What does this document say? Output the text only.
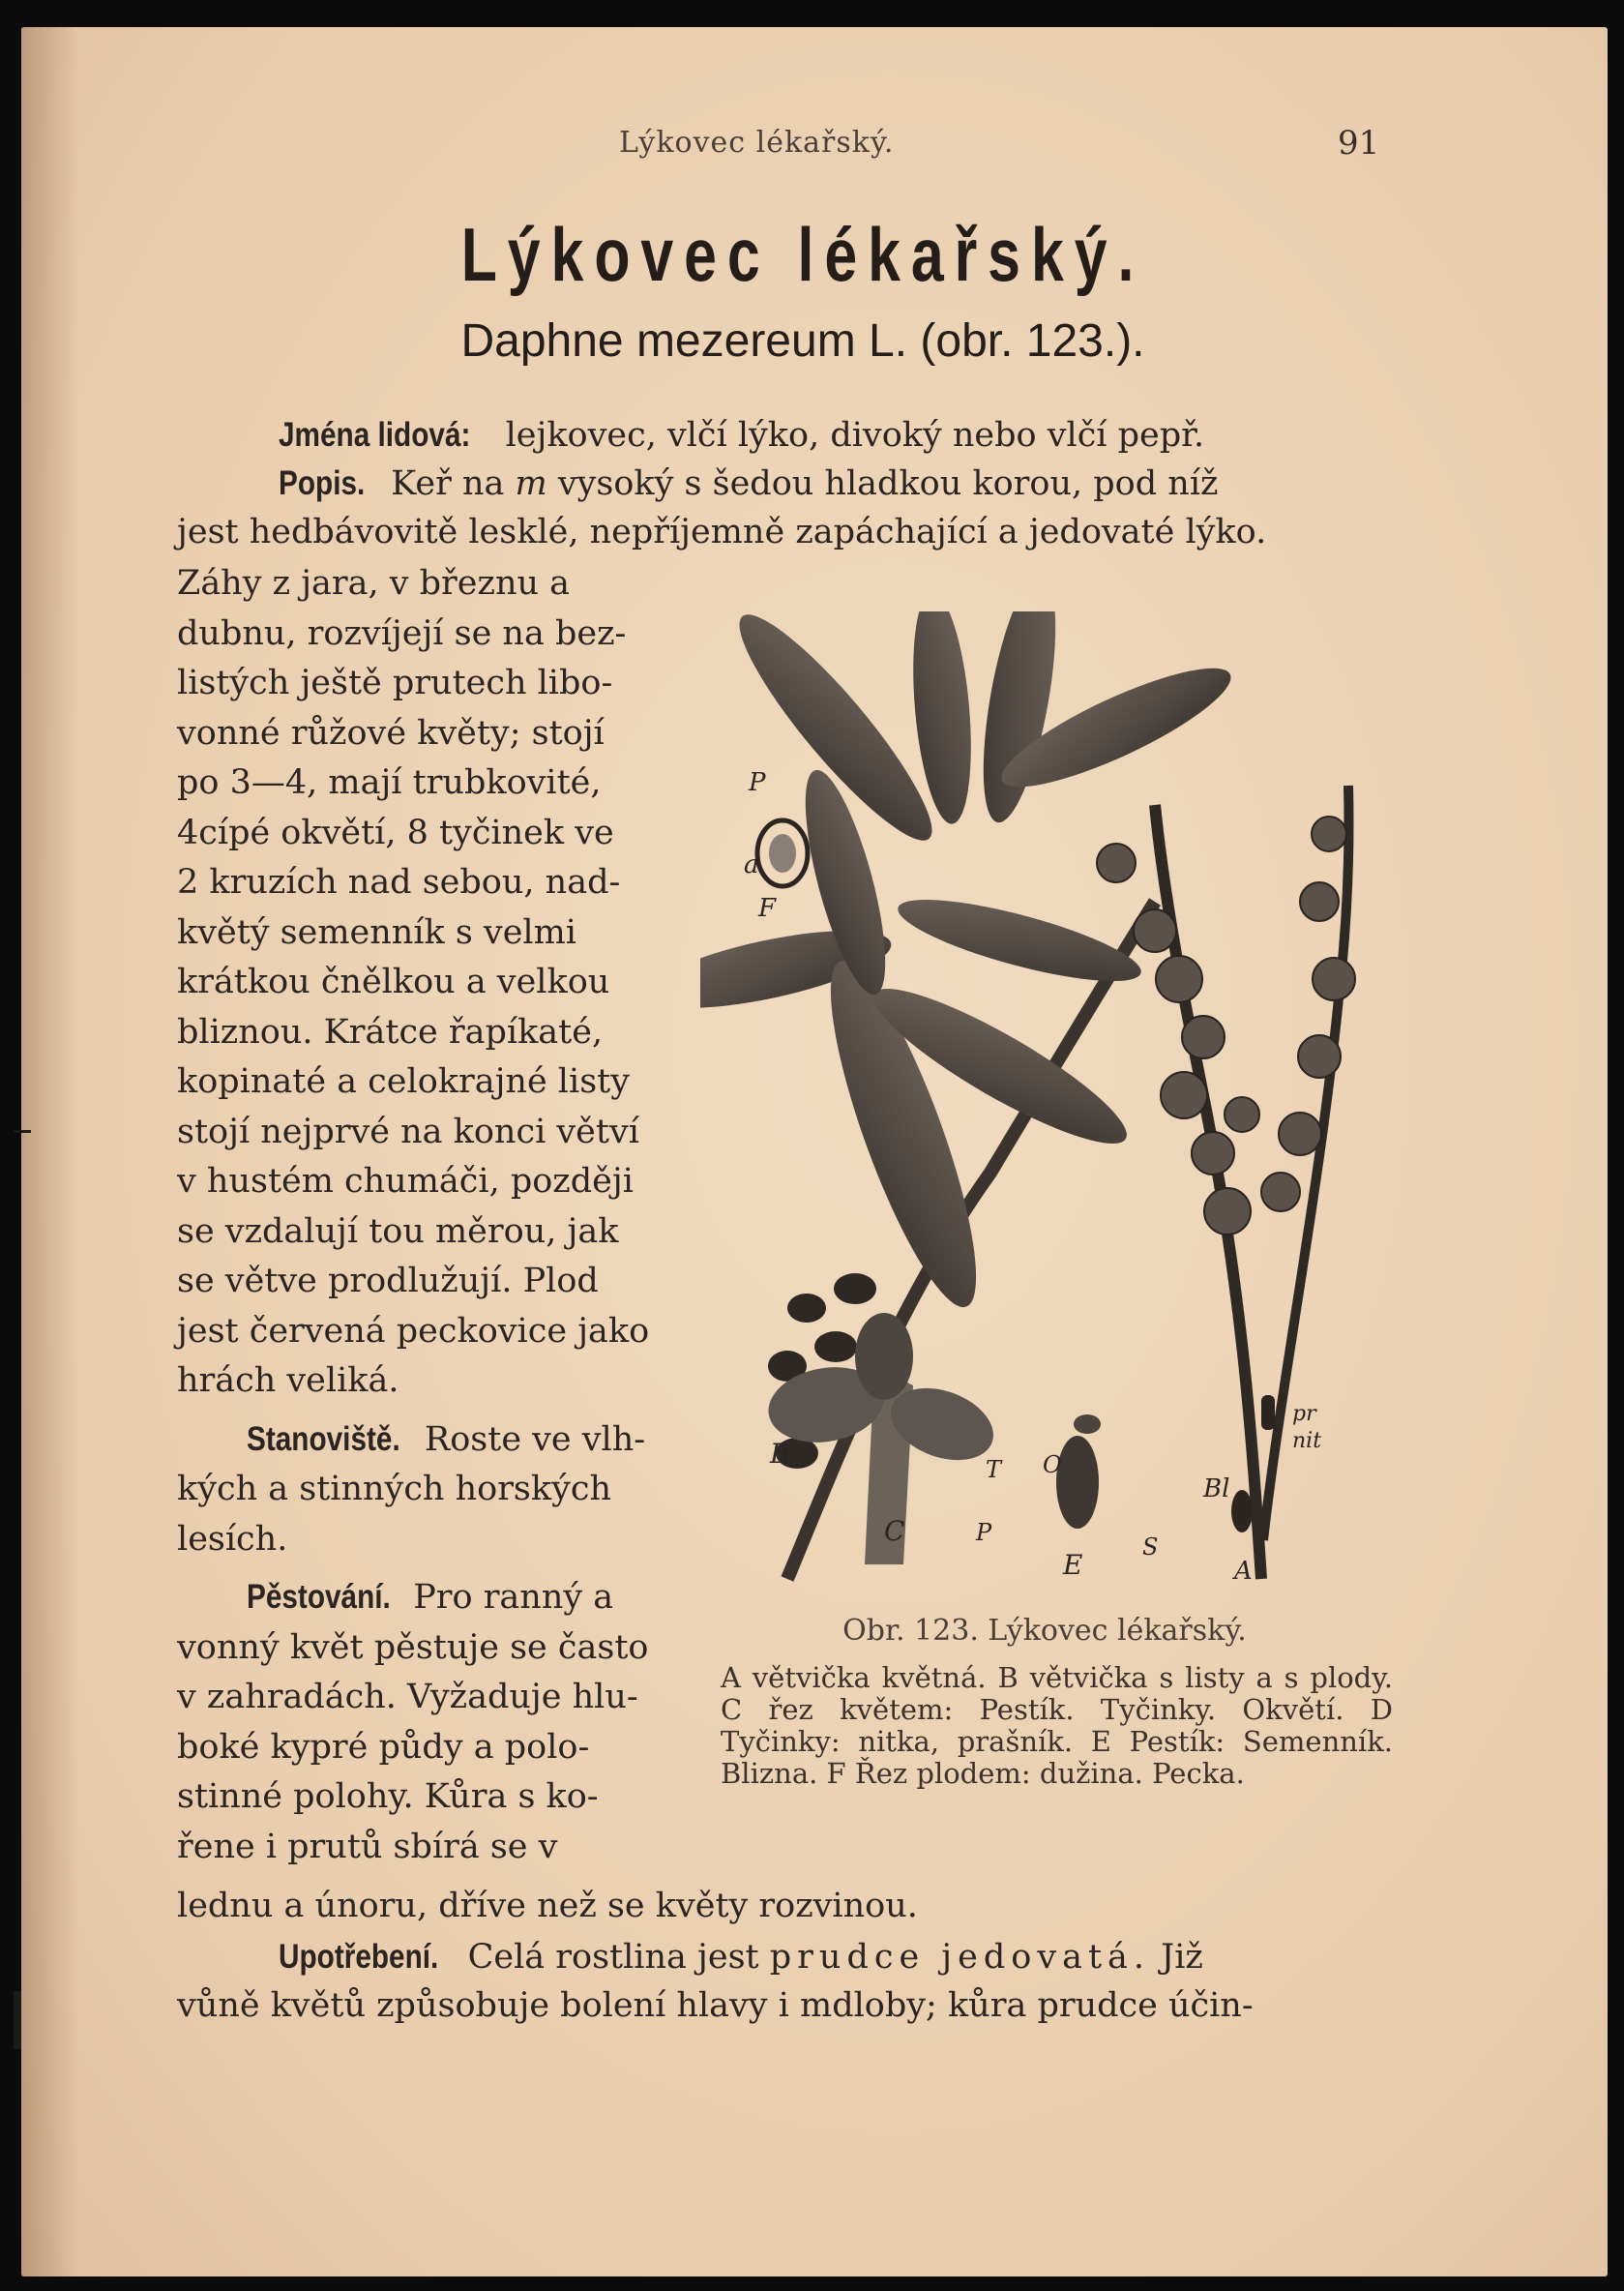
Lýkovec lékařský.	91
Lýkovec lékařský.
Daphne mezereum L. (obr. 123.).
Jména lidová: lejkovec, vlčí lýko, divoký nebo vlčí pepř.
Popis. Keř na m vysoký s šedou hladkou korou, pod níž
jest hedbávovitě lesklé, nepříjemně zapáchající a jedovaté lýko.
Záhy z jara, v březnu a
dubnu, rozvíjejí se na bez-
listých ještě prutech libo-
vonné růžové květy; stojí
po 3—4, mají trubkovité,
4cípé okvětí, 8 tyčinek ve
2 kruzích nad sebou, nad-
květý semenník s velmi
krátkou čnělkou a velkou
bliznou. Krátce řapíkaté,
kopinaté a celokrajné listy
stojí nejprvé na konci větví
v hustém chumáči, později
se vzdalují tou měrou, jak
se větve prodlužují. Plod
jest červená peckovice jako
hrách veliká.
Stanoviště. Roste ve vlh-
kých a stinných horských
lesích.
Pěstování. Pro ranný a
vonný květ pěstuje se často
v zahradách. Vyžaduje hlu-
boké kypré půdy a polo-
stinné polohy. Kůra s ko-
řene i prutů sbírá se v
P
a
F
Bl
A
pr
nit
B	T O
C	P
E
S
Obr. 123. Lýkovec lékařský.
A větvička květná. B větvička s listy a s plody. C řez květem: Pestík. Tyčinky. Okvětí. D Tyčinky: nitka, prašník. E Pestík: Semenník. Blizna. F Řez plodem: dužina. Pecka.
lednu a únoru, dříve než se květy rozvinou.
Upotřebení. Celá rostlina jest prudce jedovatá. Již
vůně květů způsobuje bolení hlavy i mdloby; kůra prudce účin-
